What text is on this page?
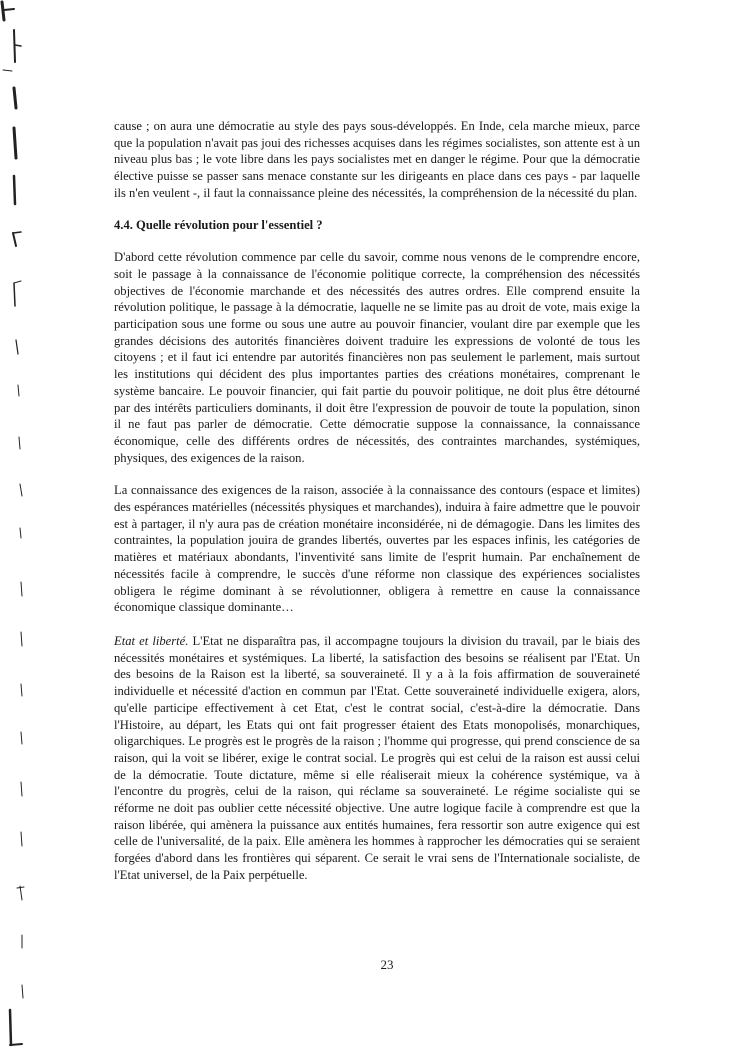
cause ; on aura une démocratie au style des pays sous-développés. En Inde, cela marche mieux, parce que la population n'avait pas joui des richesses acquises dans les régimes socialistes, son attente est à un niveau plus bas ; le vote libre dans les pays socialistes met en danger le régime. Pour que la démocratie élective puisse se passer sans menace constante sur les dirigeants en place dans ces pays - par laquelle ils n'en veulent -, il faut la connaissance pleine des nécessités, la compréhension de la nécessité du plan.

4.4. Quelle révolution pour l'essentiel ?

D'abord cette révolution commence par celle du savoir, comme nous venons de le comprendre encore, soit le passage à la connaissance de l'économie politique correcte, la compréhension des nécessités objectives de l'économie marchande et des nécessités des autres ordres. Elle comprend ensuite la révolution politique, le passage à la démocratie, laquelle ne se limite pas au droit de vote, mais exige la participation sous une forme ou sous une autre au pouvoir financier, voulant dire par exemple que les grandes décisions des autorités financières doivent traduire les expressions de volonté de tous les citoyens ; et il faut ici entendre par autorités financières non pas seulement le parlement, mais surtout les institutions qui décident des plus importantes parties des créations monétaires, comprenant le système bancaire. Le pouvoir financier, qui fait partie du pouvoir politique, ne doit plus être détourné par des intérêts particuliers dominants, il doit être l'expression de pouvoir de toute la population, sinon il ne faut pas parler de démocratie. Cette démocratie suppose la connaissance, la connaissance économique, celle des différents ordres de nécessités, des contraintes marchandes, systémiques, physiques, des exigences de la raison.

La connaissance des exigences de la raison, associée à la connaissance des contours (espace et limites) des espérances matérielles (nécessités physiques et marchandes), induira à faire admettre que le pouvoir est à partager, il n'y aura pas de création monétaire inconsidérée, ni de démagogie. Dans les limites des contraintes, la population jouira de grandes libertés, ouvertes par les espaces infinis, les catégories de matières et matériaux abondants, l'inventivité sans limite de l'esprit humain. Par enchaînement de nécessités facile à comprendre, le succès d'une réforme non classique des expériences socialistes obligera le régime dominant à se révolutionner, obligera à remettre en cause la connaissance économique classique dominante…

Etat et liberté. L'Etat ne disparaîtra pas, il accompagne toujours la division du travail, par le biais des nécessités monétaires et systémiques. La liberté, la satisfaction des besoins se réalisent par l'Etat. Un des besoins de la Raison est la liberté, sa souveraineté. Il y a à la fois affirmation de souveraineté individuelle et nécessité d'action en commun par l'Etat. Cette souveraineté individuelle exigera, alors, qu'elle participe effectivement à cet Etat, c'est le contrat social, c'est-à-dire la démocratie. Dans l'Histoire, au départ, les Etats qui ont fait progresser étaient des Etats monopolisés, monarchiques, oligarchiques. Le progrès est le progrès de la raison ; l'homme qui progresse, qui prend conscience de sa raison, qui la voit se libérer, exige le contrat social. Le progrès qui est celui de la raison est aussi celui de la démocratie. Toute dictature, même si elle réaliserait mieux la cohérence systémique, va à l'encontre du progrès, celui de la raison, qui réclame sa souveraineté. Le régime socialiste qui se réforme ne doit pas oublier cette nécessité objective. Une autre logique facile à comprendre est que la raison libérée, qui amènera la puissance aux entités humaines, fera ressortir son autre exigence qui est celle de l'universalité, de la paix. Elle amènera les hommes à rapprocher les démocraties qui se seraient forgées d'abord dans les frontières qui séparent. Ce serait le vrai sens de l'Internationale socialiste, de l'Etat universel, de la Paix perpétuelle.

23
